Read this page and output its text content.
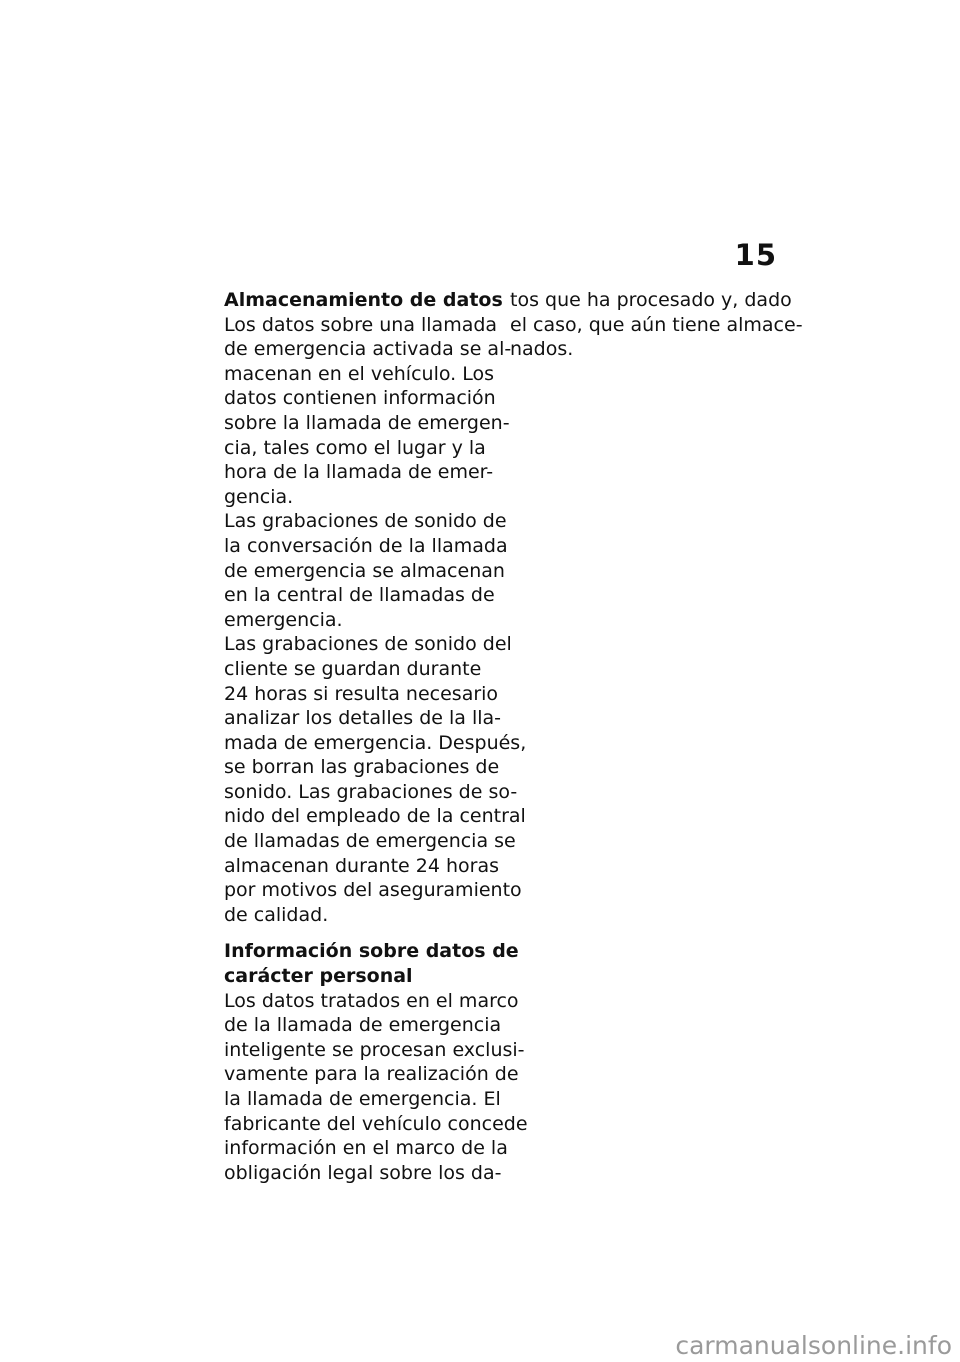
15
Almacenamiento de datos
Los datos sobre una llamada
de emergencia activada se al-
macenan en el vehículo. Los
datos contienen información
sobre la llamada de emergen-
cia, tales como el lugar y la
hora de la llamada de emer-
gencia.
Las grabaciones de sonido de
la conversación de la llamada
de emergencia se almacenan
en la central de llamadas de
emergencia.
Las grabaciones de sonido del
cliente se guardan durante
24 horas si resulta necesario
analizar los detalles de la lla-
mada de emergencia. Después,
se borran las grabaciones de
sonido. Las grabaciones de so-
nido del empleado de la central
de llamadas de emergencia se
almacenan durante 24 horas
por motivos del aseguramiento
de calidad.
Información sobre datos de
carácter personal
Los datos tratados en el marco
de la llamada de emergencia
inteligente se procesan exclusi-
vamente para la realización de
la llamada de emergencia. El
fabricante del vehículo concede
información en el marco de la
obligación legal sobre los da-
tos que ha procesado y, dado
el caso, que aún tiene almace-
nados.
carmanualsonline.info
